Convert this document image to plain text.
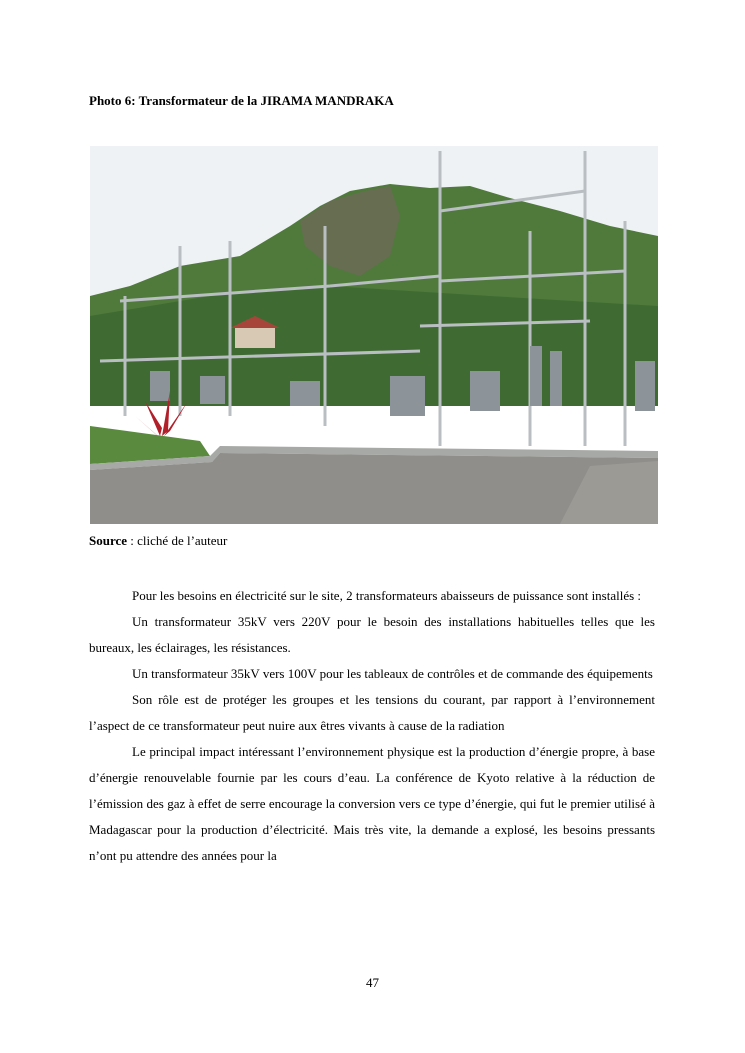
Photo 6: Transformateur de la JIRAMA MANDRAKA

Source : cliché de l’auteur

Pour les besoins en électricité sur le site, 2 transformateurs abaisseurs de puissance sont installés :

Un transformateur 35kV vers 220V pour le besoin des installations habituelles telles que les bureaux, les éclairages, les résistances.

Un transformateur 35kV vers 100V pour les tableaux de contrôles et de commande des équipements

Son rôle est de protéger les groupes et les tensions du courant, par rapport à l’environnement l’aspect de ce transformateur peut nuire aux êtres vivants à cause de la radiation

Le principal impact intéressant l’environnement physique est la production d’énergie propre, à base d’énergie renouvelable fournie par les cours d’eau. La conférence de Kyoto relative à la réduction de l’émission des gaz à effet de serre encourage la conversion vers ce type d’énergie, qui fut le premier utilisé à Madagascar pour la production d’électricité. Mais très vite, la demande a explosé, les besoins pressants n’ont pu attendre des années pour la

47
